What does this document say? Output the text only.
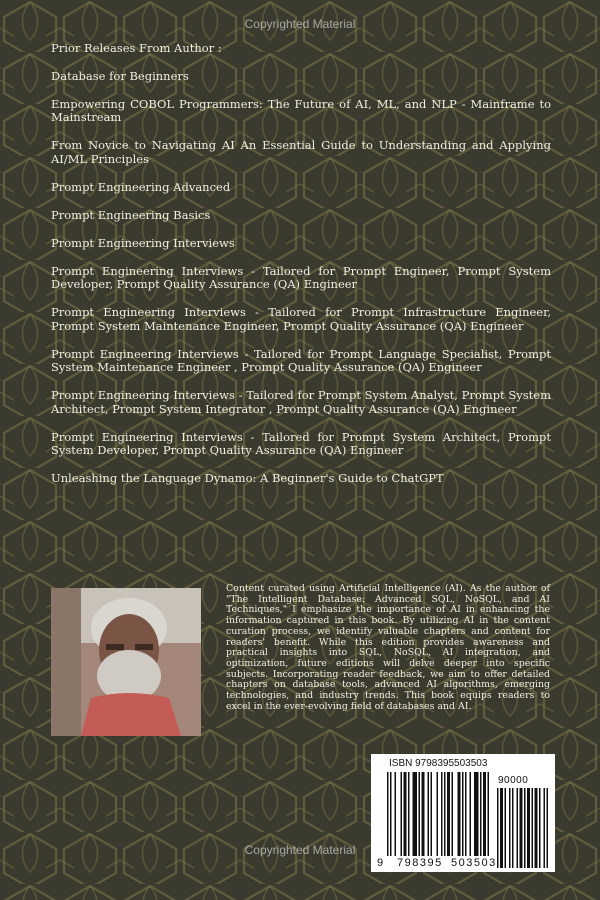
Copyrighted Material
Prior Releases From Author :
Database for Beginners
Empowering COBOL Programmers: The Future of AI, ML, and NLP - Mainframe to Mainstream
From Novice to Navigating AI An Essential Guide to Understanding and Applying AI/ML Principles
Prompt Engineering Advanced
Prompt Engineering Basics
Prompt Engineering Interviews
Prompt Engineering Interviews - Tailored for Prompt Engineer, Prompt System Developer, Prompt Quality Assurance (QA) Engineer
Prompt Engineering Interviews - Tailored for Prompt Infrastructure Engineer, Prompt System Maintenance Engineer, Prompt Quality Assurance (QA) Engineer
Prompt Engineering Interviews - Tailored for Prompt Language Specialist, Prompt System Maintenance Engineer , Prompt Quality Assurance (QA) Engineer
Prompt Engineering Interviews - Tailored for Prompt System Analyst, Prompt System Architect, Prompt System Integrator , Prompt Quality Assurance (QA) Engineer
Prompt Engineering Interviews - Tailored for Prompt System Architect, Prompt System Developer, Prompt Quality Assurance (QA) Engineer
Unleashing the Language Dynamo: A Beginner's Guide to ChatGPT
Content curated using Artificial Intelligence (AI). As the author of "The Intelligent Database: Advanced SQL, NoSQL, and AI Techniques," I emphasize the importance of AI in enhancing the information captured in this book. By utilizing AI in the content curation process, we identify valuable chapters and content for readers' benefit. While this edition provides awareness and practical insights into SQL, NoSQL, AI integration, and optimization, future editions will delve deeper into specific subjects. Incorporating reader feedback, we aim to offer detailed chapters on database tools, advanced AI algorithms, emerging technologies, and industry trends. This book equips readers to excel in the ever-evolving field of databases and AI.
ISBN 9798395503503
90000
9 798395 503503
Copyrighted Material
